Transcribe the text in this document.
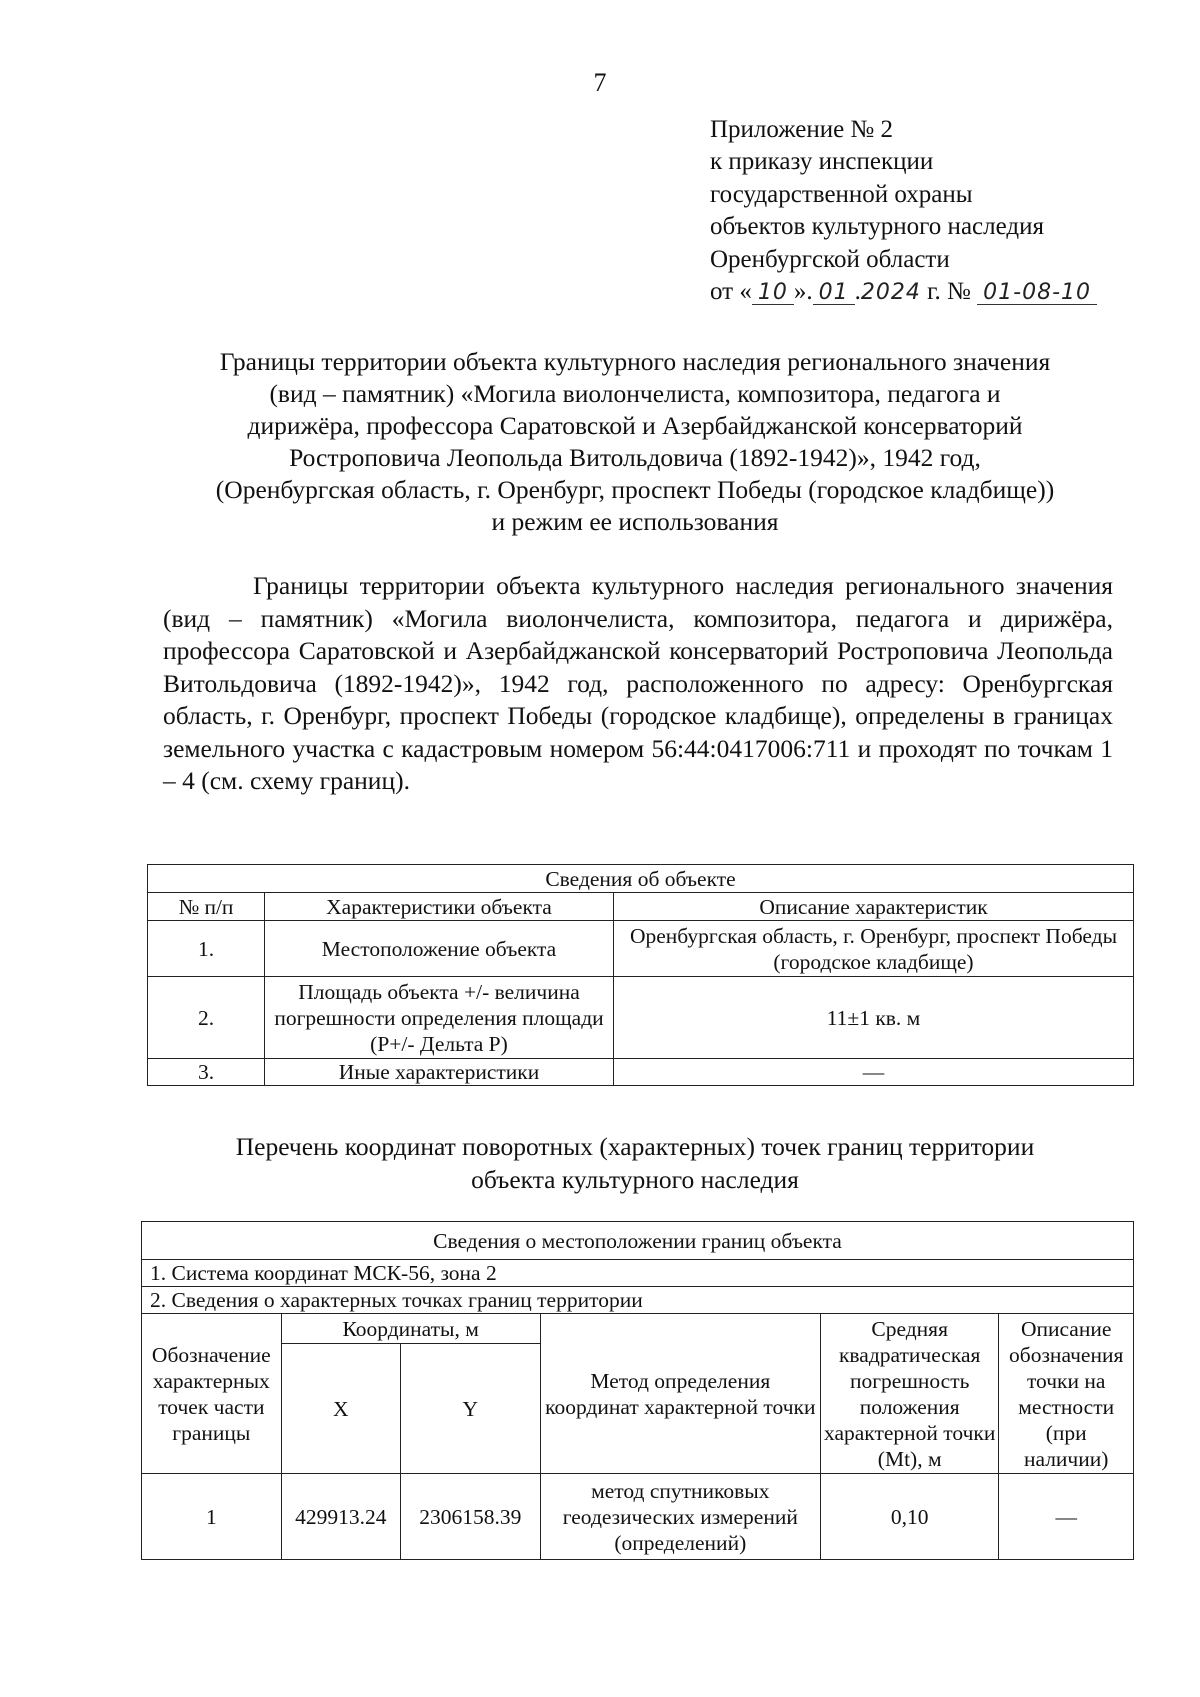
7
Приложение № 2
к приказу инспекции
государственной охраны
объектов культурного наследия
Оренбургской области
от « 10 ». 01 .2024 г. № 01-08-10
Границы территории объекта культурного наследия регионального значения
(вид – памятник) «Могила виолончелиста, композитора, педагога и
дирижёра, профессора Саратовской и Азербайджанской консерваторий
Ростроповича Леопольда Витольдовича (1892-1942)», 1942 год,
(Оренбургская область, г. Оренбург, проспект Победы (городское кладбище))
и режим ее использования
Границы территории объекта культурного наследия регионального значения (вид – памятник) «Могила виолончелиста, композитора, педагога и дирижёра, профессора Саратовской и Азербайджанской консерваторий Ростроповича Леопольда Витольдовича (1892-1942)», 1942 год, расположенного по адресу: Оренбургская область, г. Оренбург, проспект Победы (городское кладбище), определены в границах земельного участка с кадастровым номером 56:44:0417006:711 и проходят по точкам 1 – 4 (см. схему границ).
Сведения об объекте		
№ п/п	Характеристики объекта	Описание характеристик
1.	Местоположение объекта	Оренбургская область, г. Оренбург, проспект Победы (городское кладбище)
2.	Площадь объекта +/- величина погрешности определения площади (P+/- Дельта P)	11±1 кв. м
3.	Иные характеристики	—
Перечень координат поворотных (характерных) точек границ территории
объекта культурного наследия
Сведения о местоположении границ объекта					
1. Система координат МСК-56, зона 2					
2. Сведения о характерных точках границ территории					
Обозначение характерных точек части границы	Координаты, м		Метод определения координат характерной точки	Средняя квадратическая погрешность положения характерной точки (Mt), м	Описание обозначения точки на местности (при наличии)
	X	Y			
1	429913.24	2306158.39	метод спутниковых геодезических измерений (определений)	0,10	—
